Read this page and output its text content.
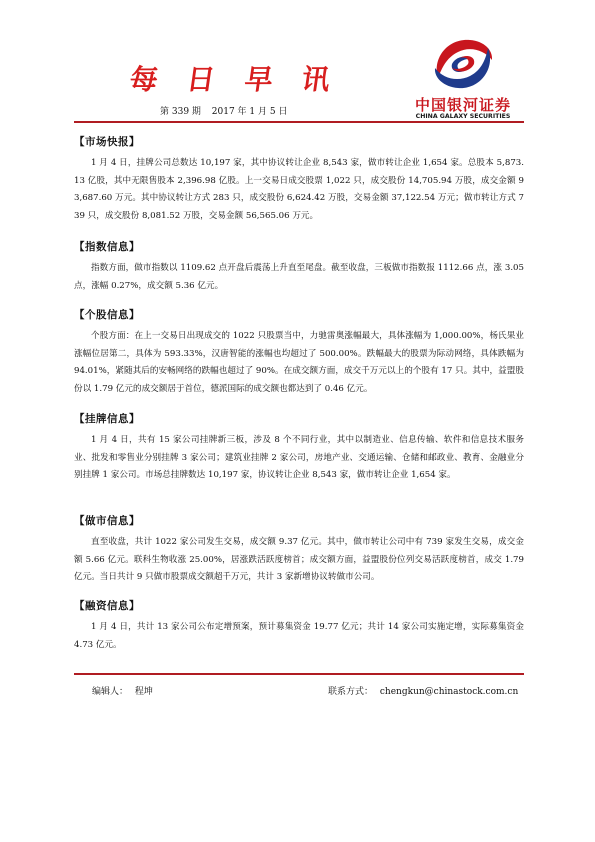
每 日 早 讯
第 339 期 2017 年 1 月 5 日	中国银河证券
CHINA GALAXY SECURITIES

【市场快报】

1 月 4 日，挂牌公司总数达 10,197 家，其中协议转让企业 8,543 家，做市转让企业 1,654 家。总股本 5,873.13 亿股，其中无限售股本 2,396.98 亿股。上一交易日成交股票 1,022 只，成交股份 14,705.94 万股，成交金额 93,687.60 万元。其中协议转让方式 283 只，成交股份 6,624.42 万股，交易金额 37,122.54 万元；做市转让方式 739 只，成交股份 8,081.52 万股，交易金额 56,565.06 万元。

【指数信息】

指数方面，做市指数以 1109.62 点开盘后震荡上升直至尾盘。截至收盘，三板做市指数报 1112.66 点，涨 3.05 点，涨幅 0.27%，成交额 5.36 亿元。

【个股信息】

个股方面：在上一交易日出现成交的 1022 只股票当中，力驰雷奥涨幅最大，具体涨幅为 1,000.00%，杨氏果业涨幅位居第二，具体为 593.33%，汉唐智能的涨幅也均超过了 500.00%。跌幅最大的股票为际动网络，具体跌幅为 94.01%，紧随其后的安畅网络的跌幅也超过了 90%。在成交额方面，成交千万元以上的个股有 17 只。其中，益盟股份以 1.79 亿元的成交额居于首位，德派国际的成交额也都达到了 0.46 亿元。

【挂牌信息】

1 月 4 日，共有 15 家公司挂牌新三板，涉及 8 个不同行业，其中以制造业、信息传输、软件和信息技术服务业、批发和零售业分别挂牌 3 家公司；建筑业挂牌 2 家公司，房地产业、交通运输、仓储和邮政业、教育、金融业分别挂牌 1 家公司。市场总挂牌数达 10,197 家，协议转让企业 8,543 家，做市转让企业 1,654 家。

【做市信息】

直至收盘，共计 1022 家公司发生交易，成交额 9.37 亿元。其中，做市转让公司中有 739 家发生交易，成交金额 5.66 亿元。联科生物收涨 25.00%，居涨跌活跃度榜首；成交额方面，益盟股份位列交易活跃度榜首，成交 1.79 亿元。当日共计 9 只做市股票成交额超千万元，共计 3 家新增协议转做市公司。

【融资信息】

1 月 4 日，共计 13 家公司公布定增预案，预计募集资金 19.77 亿元；共计 14 家公司实施定增，实际募集资金 4.73 亿元。

编辑人： 程坤	联系方式： chengkun@chinastock.com.cn
